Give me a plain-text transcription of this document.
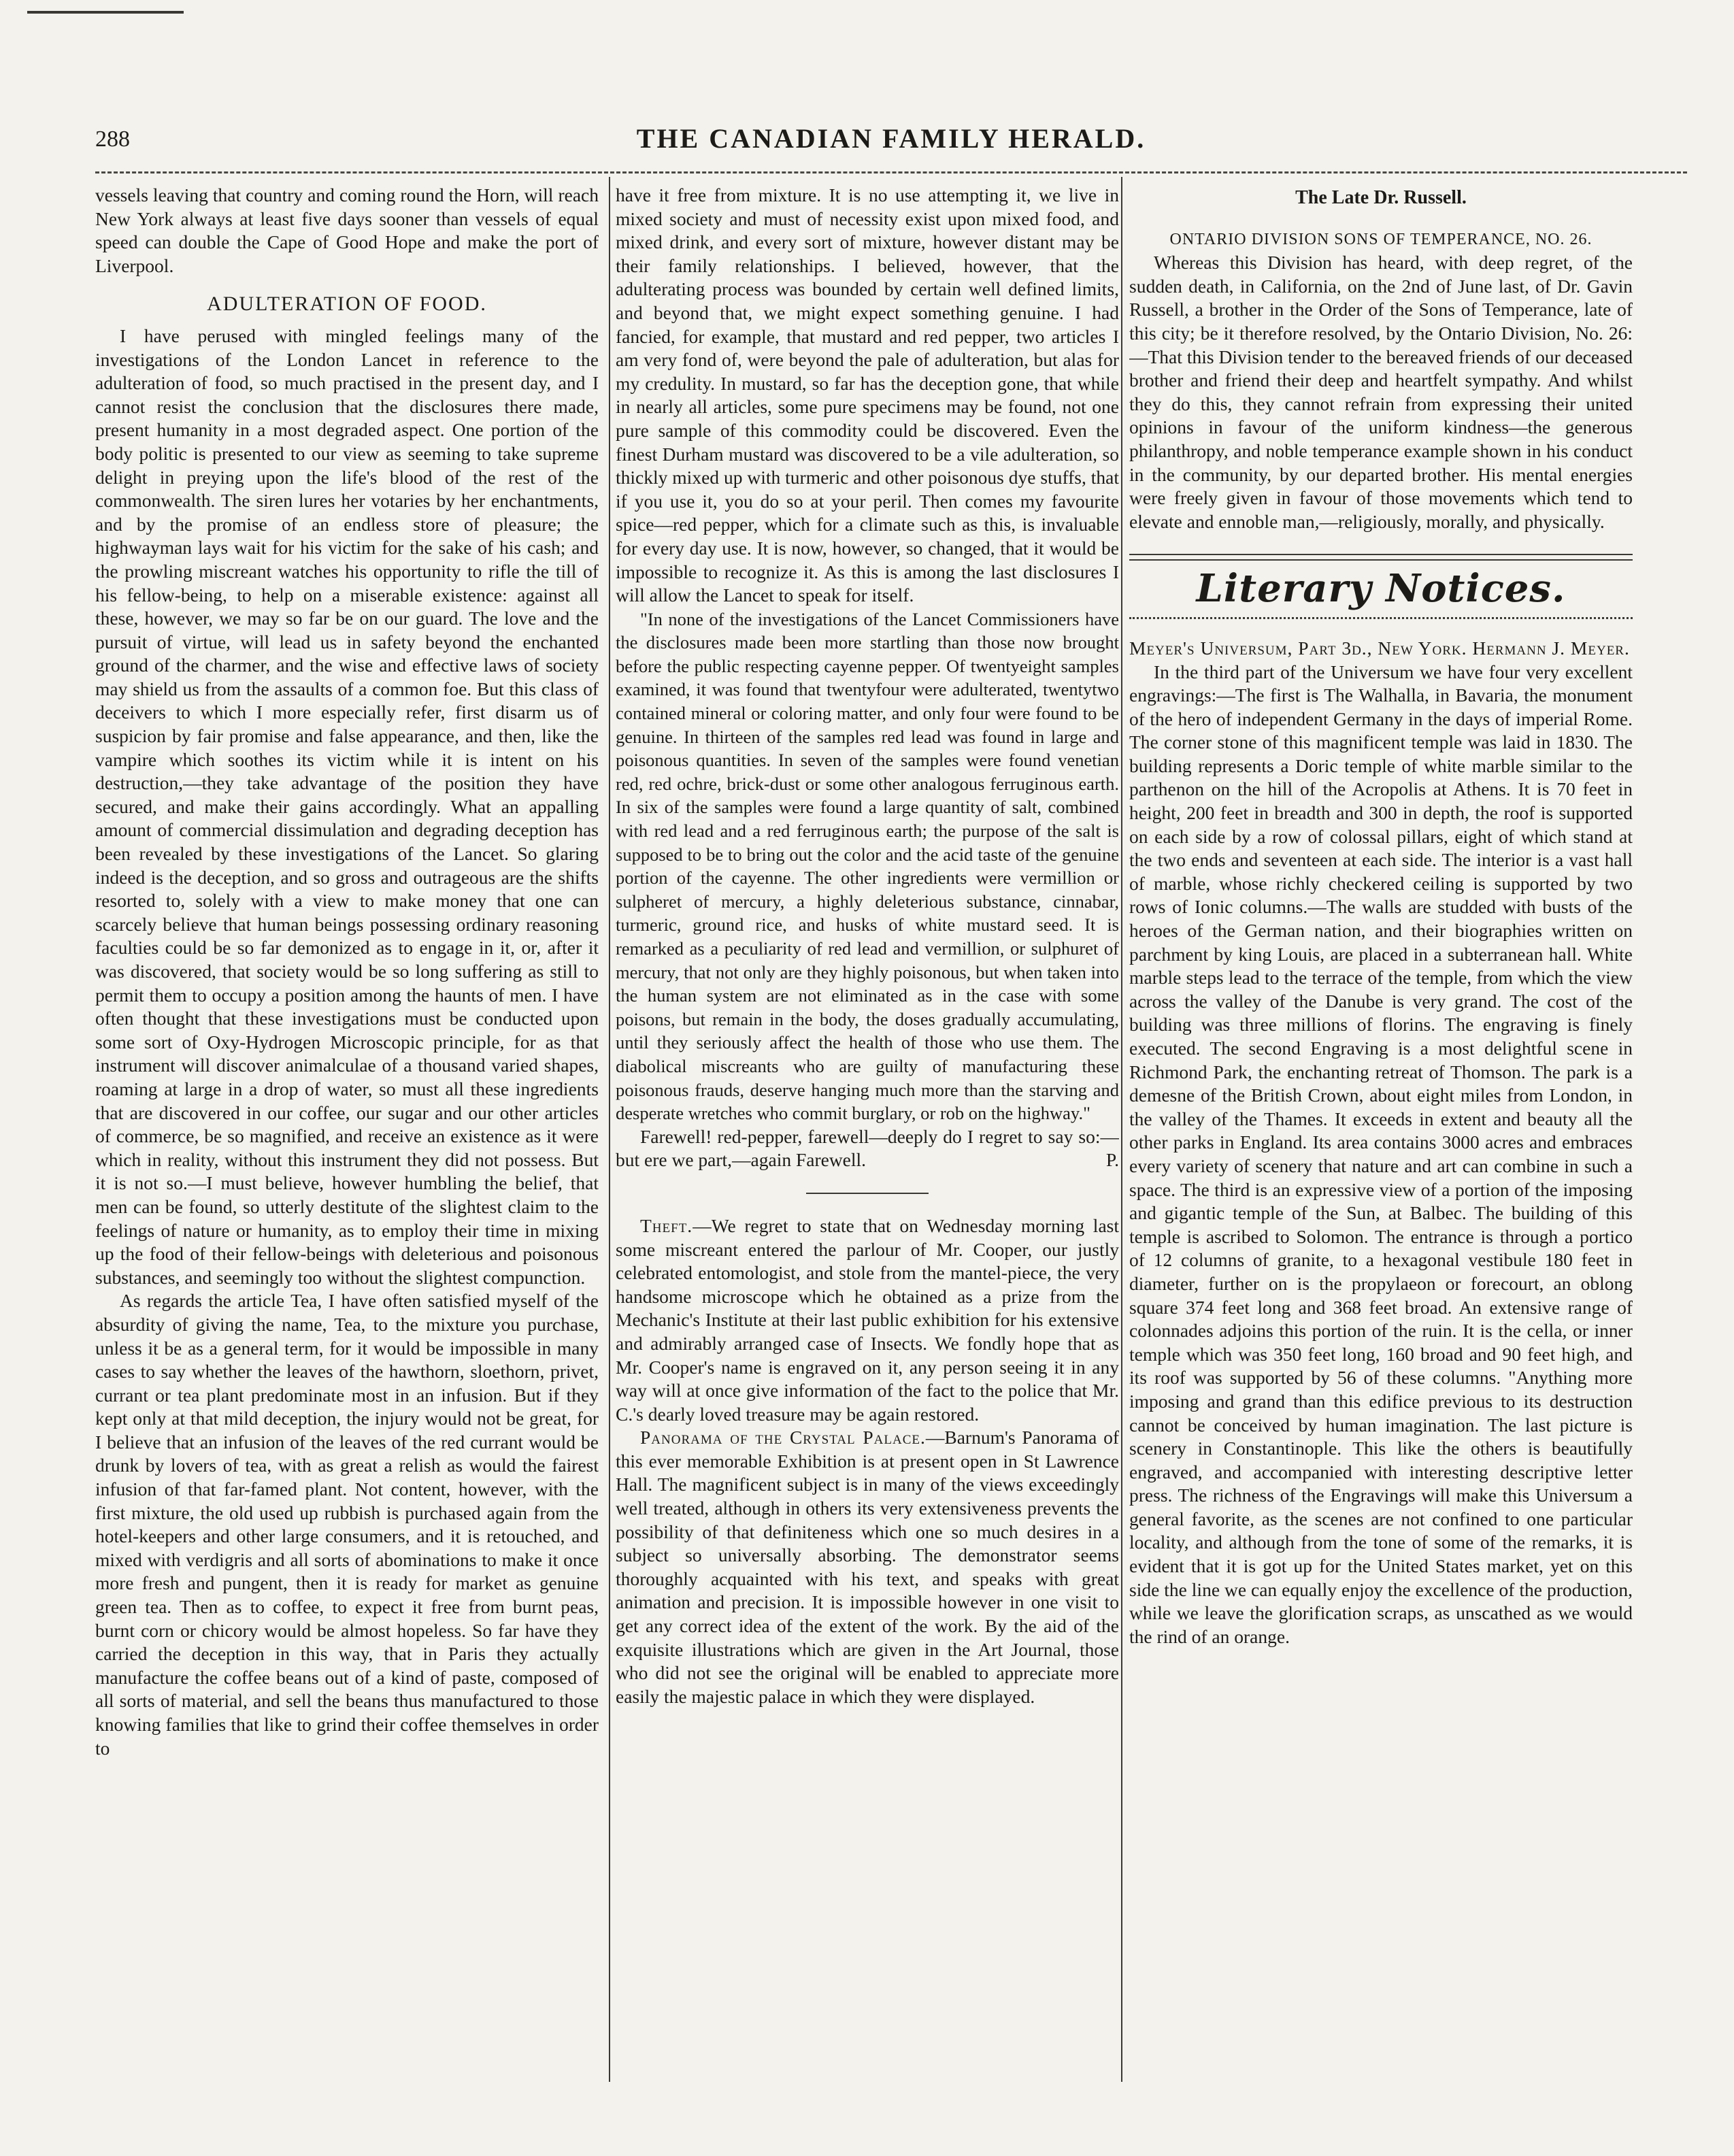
288	THE CANADIAN FAMILY HERALD.

vessels leaving that country and coming round the Horn, will reach New York always at least five days sooner than vessels of equal speed can double the Cape of Good Hope and make the port of Liverpool.

ADULTERATION OF FOOD.

I have perused with mingled feelings many of the investigations of the London Lancet in reference to the adulteration of food, so much practised in the present day, and I cannot resist the conclusion that the disclosures there made, present humanity in a most degraded aspect. One portion of the body politic is presented to our view as seeming to take supreme delight in preying upon the life's blood of the rest of the commonwealth. The siren lures her votaries by her enchantments, and by the promise of an endless store of pleasure; the highwayman lays wait for his victim for the sake of his cash; and the prowling miscreant watches his opportunity to rifle the till of his fellow-being, to help on a miserable existence: against all these, however, we may so far be on our guard. The love and the pursuit of virtue, will lead us in safety beyond the enchanted ground of the charmer, and the wise and effective laws of society may shield us from the assaults of a common foe. But this class of deceivers to which I more especially refer, first disarm us of suspicion by fair promise and false appearance, and then, like the vampire which soothes its victim while it is intent on his destruction,—they take advantage of the position they have secured, and make their gains accordingly. What an appalling amount of commercial dissimulation and degrading deception has been revealed by these investigations of the Lancet. So glaring indeed is the deception, and so gross and outrageous are the shifts resorted to, solely with a view to make money that one can scarcely believe that human beings possessing ordinary reasoning faculties could be so far demonized as to engage in it, or, after it was discovered, that society would be so long suffering as still to permit them to occupy a position among the haunts of men. I have often thought that these investigations must be conducted upon some sort of Oxy-Hydrogen Microscopic principle, for as that instrument will discover animalculae of a thousand varied shapes, roaming at large in a drop of water, so must all these ingredients that are discovered in our coffee, our sugar and our other articles of commerce, be so magnified, and receive an existence as it were which in reality, without this instrument they did not possess. But it is not so.—I must believe, however humbling the belief, that men can be found, so utterly destitute of the slightest claim to the feelings of nature or humanity, as to employ their time in mixing up the food of their fellow-beings with deleterious and poisonous substances, and seemingly too without the slightest compunction.

As regards the article Tea, I have often satisfied myself of the absurdity of giving the name, Tea, to the mixture you purchase, unless it be as a general term, for it would be impossible in many cases to say whether the leaves of the hawthorn, sloethorn, privet, currant or tea plant predominate most in an infusion. But if they kept only at that mild deception, the injury would not be great, for I believe that an infusion of the leaves of the red currant would be drunk by lovers of tea, with as great a relish as would the fairest infusion of that far-famed plant. Not content, however, with the first mixture, the old used up rubbish is purchased again from the hotel-keepers and other large consumers, and it is retouched, and mixed with verdigris and all sorts of abominations to make it once more fresh and pungent, then it is ready for market as genuine green tea. Then as to coffee, to expect it free from burnt peas, burnt corn or chicory would be almost hopeless. So far have they carried the deception in this way, that in Paris they actually manufacture the coffee beans out of a kind of paste, composed of all sorts of material, and sell the beans thus manufactured to those knowing families that like to grind their coffee themselves in order to

have it free from mixture. It is no use attempting it, we live in mixed society and must of necessity exist upon mixed food, and mixed drink, and every sort of mixture, however distant may be their family relationships. I believed, however, that the adulterating process was bounded by certain well defined limits, and beyond that, we might expect something genuine. I had fancied, for example, that mustard and red pepper, two articles I am very fond of, were beyond the pale of adulteration, but alas for my credulity. In mustard, so far has the deception gone, that while in nearly all articles, some pure specimens may be found, not one pure sample of this commodity could be discovered. Even the finest Durham mustard was discovered to be a vile adulteration, so thickly mixed up with turmeric and other poisonous dye stuffs, that if you use it, you do so at your peril. Then comes my favourite spice—red pepper, which for a climate such as this, is invaluable for every day use. It is now, however, so changed, that it would be impossible to recognize it. As this is among the last disclosures I will allow the Lancet to speak for itself.

"In none of the investigations of the Lancet Commissioners have the disclosures made been more startling than those now brought before the public respecting cayenne pepper. Of twentyeight samples examined, it was found that twentyfour were adulterated, twentytwo contained mineral or coloring matter, and only four were found to be genuine. In thirteen of the samples red lead was found in large and poisonous quantities. In seven of the samples were found venetian red, red ochre, brick-dust or some other analogous ferruginous earth. In six of the samples were found a large quantity of salt, combined with red lead and a red ferruginous earth; the purpose of the salt is supposed to be to bring out the color and the acid taste of the genuine portion of the cayenne. The other ingredients were vermillion or sulpheret of mercury, a highly deleterious substance, cinnabar, turmeric, ground rice, and husks of white mustard seed. It is remarked as a peculiarity of red lead and vermillion, or sulphuret of mercury, that not only are they highly poisonous, but when taken into the human system are not eliminated as in the case with some poisons, but remain in the body, the doses gradually accumulating, until they seriously affect the health of those who use them. The diabolical miscreants who are guilty of manufacturing these poisonous frauds, deserve hanging much more than the starving and desperate wretches who commit burglary, or rob on the highway."

Farewell! red-pepper, farewell—deeply do I regret to say so:—but ere we part,—again Farewell.	P.

Theft.—We regret to state that on Wednesday morning last some miscreant entered the parlour of Mr. Cooper, our justly celebrated entomologist, and stole from the mantel-piece, the very handsome microscope which he obtained as a prize from the Mechanic's Institute at their last public exhibition for his extensive and admirably arranged case of Insects. We fondly hope that as Mr. Cooper's name is engraved on it, any person seeing it in any way will at once give information of the fact to the police that Mr. C.'s dearly loved treasure may be again restored.

Panorama of the Crystal Palace.—Barnum's Panorama of this ever memorable Exhibition is at present open in St Lawrence Hall. The magnificent subject is in many of the views exceedingly well treated, although in others its very extensiveness prevents the possibility of that definiteness which one so much desires in a subject so universally absorbing. The demonstrator seems thoroughly acquainted with his text, and speaks with great animation and precision. It is impossible however in one visit to get any correct idea of the extent of the work. By the aid of the exquisite illustrations which are given in the Art Journal, those who did not see the original will be enabled to appreciate more easily the majestic palace in which they were displayed.

The Late Dr. Russell.

ONTARIO DIVISION SONS OF TEMPERANCE, NO. 26.

Whereas this Division has heard, with deep regret, of the sudden death, in California, on the 2nd of June last, of Dr. Gavin Russell, a brother in the Order of the Sons of Temperance, late of this city; be it therefore resolved, by the Ontario Division, No. 26:—That this Division tender to the bereaved friends of our deceased brother and friend their deep and heartfelt sympathy. And whilst they do this, they cannot refrain from expressing their united opinions in favour of the uniform kindness—the generous philanthropy, and noble temperance example shown in his conduct in the community, by our departed brother. His mental energies were freely given in favour of those movements which tend to elevate and ennoble man,—religiously, morally, and physically.

Literary Notices.

Meyer's Universum, Part 3d., New York. Hermann J. Meyer.

In the third part of the Universum we have four very excellent engravings:—The first is The Walhalla, in Bavaria, the monument of the hero of independent Germany in the days of imperial Rome. The corner stone of this magnificent temple was laid in 1830. The building represents a Doric temple of white marble similar to the parthenon on the hill of the Acropolis at Athens. It is 70 feet in height, 200 feet in breadth and 300 in depth, the roof is supported on each side by a row of colossal pillars, eight of which stand at the two ends and seventeen at each side. The interior is a vast hall of marble, whose richly checkered ceiling is supported by two rows of Ionic columns.—The walls are studded with busts of the heroes of the German nation, and their biographies written on parchment by king Louis, are placed in a subterranean hall. White marble steps lead to the terrace of the temple, from which the view across the valley of the Danube is very grand. The cost of the building was three millions of florins. The engraving is finely executed. The second Engraving is a most delightful scene in Richmond Park, the enchanting retreat of Thomson. The park is a demesne of the British Crown, about eight miles from London, in the valley of the Thames. It exceeds in extent and beauty all the other parks in England. Its area contains 3000 acres and embraces every variety of scenery that nature and art can combine in such a space. The third is an expressive view of a portion of the imposing and gigantic temple of the Sun, at Balbec. The building of this temple is ascribed to Solomon. The entrance is through a portico of 12 columns of granite, to a hexagonal vestibule 180 feet in diameter, further on is the propylaeon or forecourt, an oblong square 374 feet long and 368 feet broad. An extensive range of colonnades adjoins this portion of the ruin. It is the cella, or inner temple which was 350 feet long, 160 broad and 90 feet high, and its roof was supported by 56 of these columns. "Anything more imposing and grand than this edifice previous to its destruction cannot be conceived by human imagination. The last picture is scenery in Constantinople. This like the others is beautifully engraved, and accompanied with interesting descriptive letter press. The richness of the Engravings will make this Universum a general favorite, as the scenes are not confined to one particular locality, and although from the tone of some of the remarks, it is evident that it is got up for the United States market, yet on this side the line we can equally enjoy the excellence of the production, while we leave the glorification scraps, as unscathed as we would the rind of an orange.
